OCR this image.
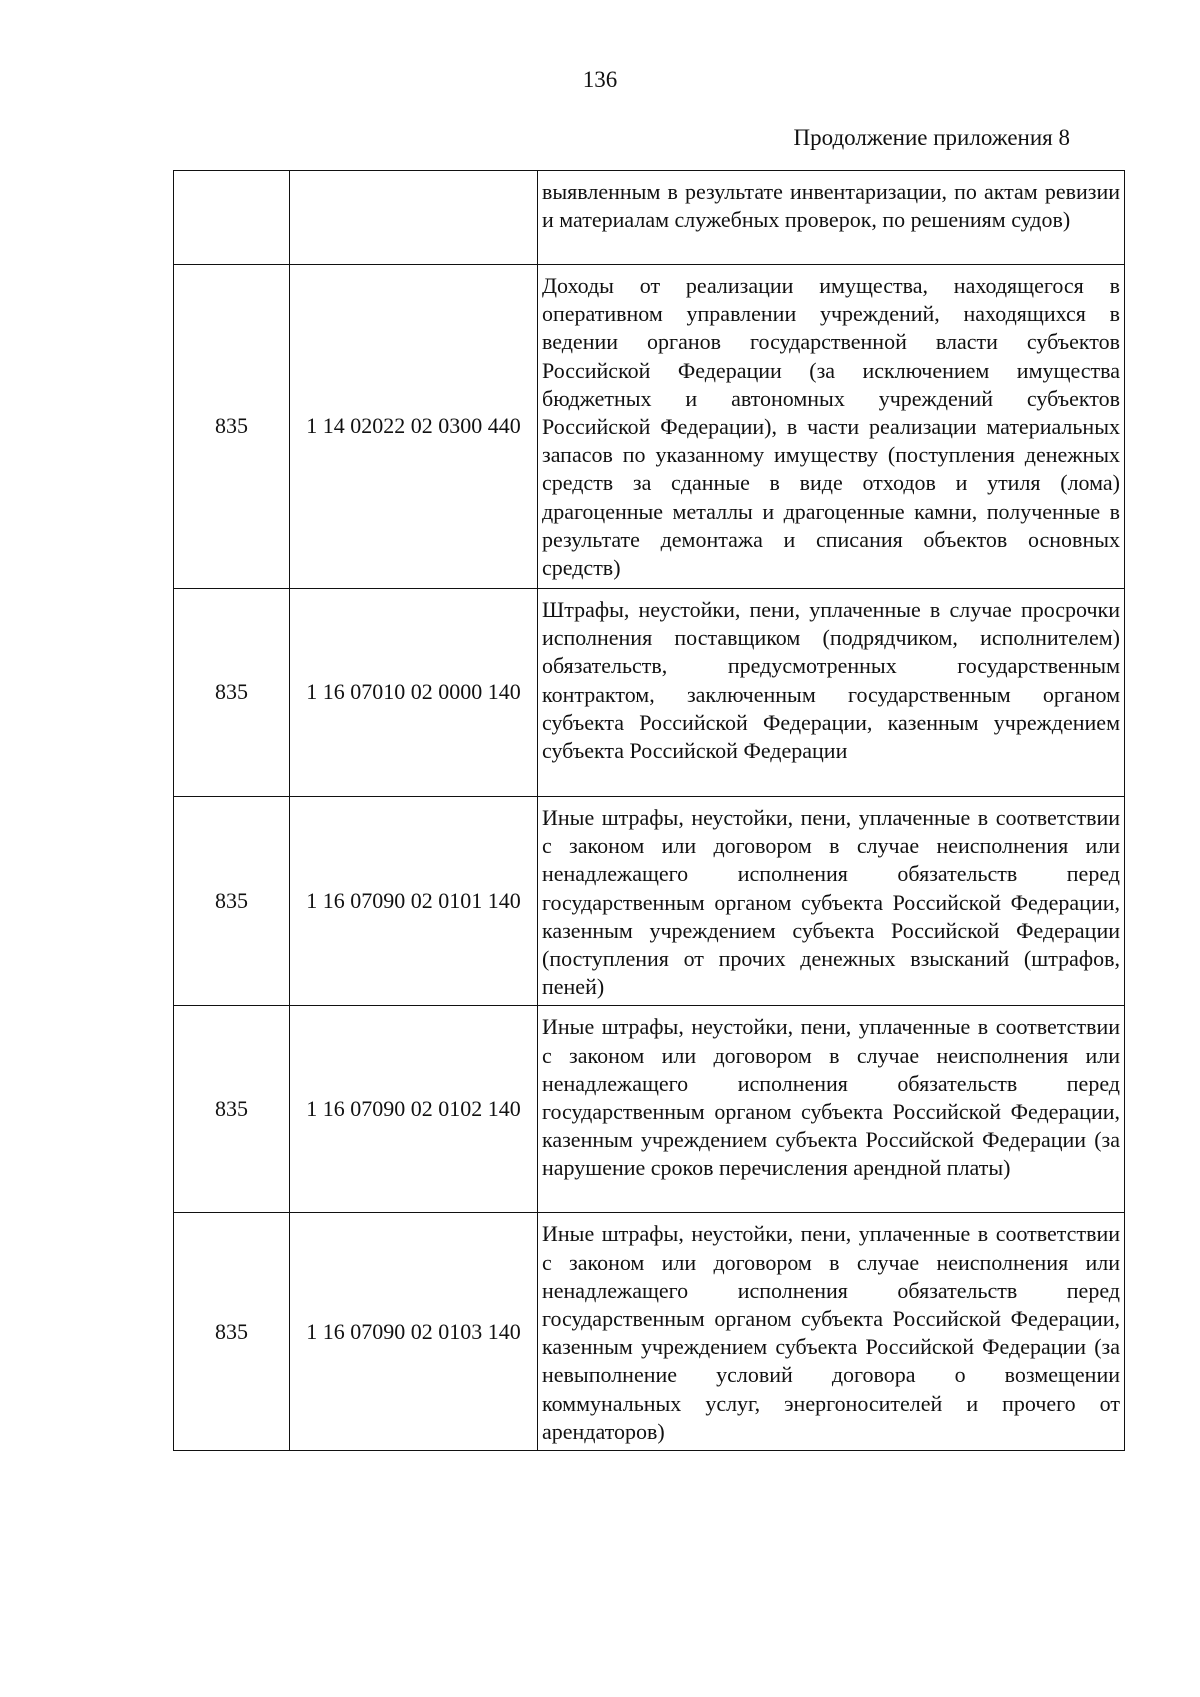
136
Продолжение приложения 8
		выявленным в результате инвентаризации, по актам ревизии и материалам служебных проверок, по решениям судов)
835	1 14 02022 02 0300 440	Доходы от реализации имущества, находящегося в оперативном управлении учреждений, находящихся в ведении органов государственной власти субъектов Российской Федерации (за исключением имущества бюджетных и автономных учреждений субъектов Российской Федерации), в части реализации материальных запасов по указанному имуществу (поступления денежных средств за сданные в виде отходов и утиля (лома) драгоценные металлы и драгоценные камни, полученные в результате демонтажа и списания объектов основных средств)
835	1 16 07010 02 0000 140	Штрафы, неустойки, пени, уплаченные в случае просрочки исполнения поставщиком (подрядчиком, исполнителем) обязательств, предусмотренных государственным контрактом, заключенным государственным органом субъекта Российской Федерации, казенным учреждением субъекта Российской Федерации
835	1 16 07090 02 0101 140	Иные штрафы, неустойки, пени, уплаченные в соответствии с законом или договором в случае неисполнения или ненадлежащего исполнения обязательств перед государственным органом субъекта Российской Федерации, казенным учреждением субъекта Российской Федерации (поступления от прочих денежных взысканий (штрафов, пеней)
835	1 16 07090 02 0102 140	Иные штрафы, неустойки, пени, уплаченные в соответствии с законом или договором в случае неисполнения или ненадлежащего исполнения обязательств перед государственным органом субъекта Российской Федерации, казенным учреждением субъекта Российской Федерации (за нарушение сроков перечисления арендной платы)
835	1 16 07090 02 0103 140	Иные штрафы, неустойки, пени, уплаченные в соответствии с законом или договором в случае неисполнения или ненадлежащего исполнения обязательств перед государственным органом субъекта Российской Федерации, казенным учреждением субъекта Российской Федерации (за невыполнение условий договора о возмещении коммунальных услуг, энергоносителей и прочего от арендаторов)
